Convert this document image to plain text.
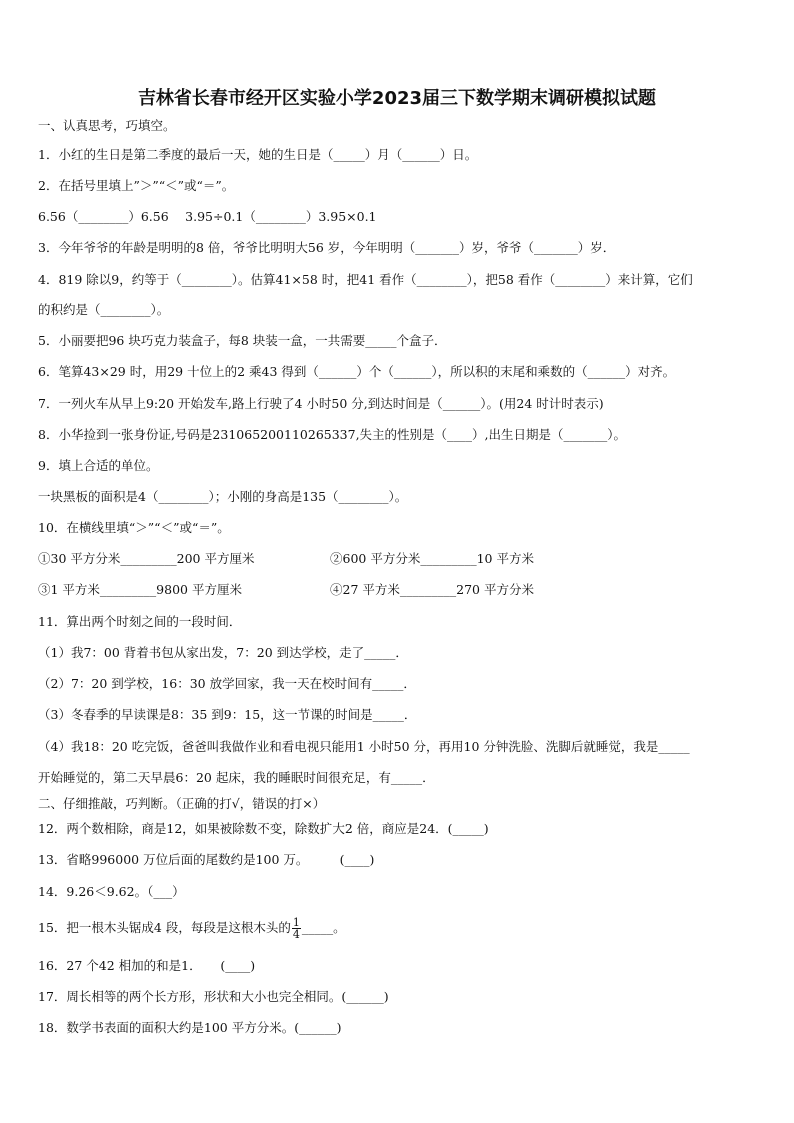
吉林省长春市经开区实验小学2023届三下数学期末调研模拟试题
一、认真思考，巧填空。
1．小红的生日是第二季度的最后一天，她的生日是（_____）月（______）日。
2．在括号里填上”＞”“＜”或“＝”。
6.56（________）6.56　 3.95÷0.1（________）3.95×0.1
3．今年爷爷的年龄是明明的8 倍，爷爷比明明大56 岁，今年明明（_______）岁，爷爷（_______）岁．
4．819 除以9，约等于（________）。估算41×58 时，把41 看作（________），把58 看作（________）来计算，它们
的积约是（________）。
5．小丽要把96 块巧克力装盒子，每8 块装一盒，一共需要_____个盒子．
6．笔算43×29 时，用29 十位上的2 乘43 得到（______）个（______），所以积的末尾和乘数的（______）对齐。
7．一列火车从早上9:20 开始发车,路上行驶了4 小时50 分,到达时间是（______）。(用24 时计时表示)
8．小华捡到一张身份证,号码是231065200110265337,失主的性别是（____）,出生日期是（_______）。
9．填上合适的单位。
一块黑板的面积是4（________）；小刚的身高是135（________）。
10．在横线里填“＞”“＜”或“＝”。
①30 平方分米_________200 平方厘米	②600 平方分米_________10 平方米
③1 平方米_________9800 平方厘米	④27 平方米_________270 平方分米
11．算出两个时刻之间的一段时间．
（1）我7：00 背着书包从家出发，7：20 到达学校，走了_____．
（2）7：20 到学校，16：30 放学回家，我一天在校时间有_____．
（3）冬春季的早读课是8：35 到9：15，这一节课的时间是_____．
（4）我18：20 吃完饭，爸爸叫我做作业和看电视只能用1 小时50 分，再用10 分钟洗脸、洗脚后就睡觉，我是_____
开始睡觉的，第二天早晨6：20 起床，我的睡眠时间很充足，有_____．
二、仔细推敲，巧判断。（正确的打√，错误的打×）
12．两个数相除，商是12，如果被除数不变，除数扩大2 倍，商应是24．(_____)
13．省略996000 万位后面的尾数约是100 万。　　　(____)
14．9.26＜9.62。（___）
15．把一根木头锯成4 段，每段是这根木头的 $\frac{1}{4}$ _____。
16．27 个42 相加的和是1．　　(____)
17．周长相等的两个长方形，形状和大小也完全相同。(______)
18．数学书表面的面积大约是100 平方分米。(______)
